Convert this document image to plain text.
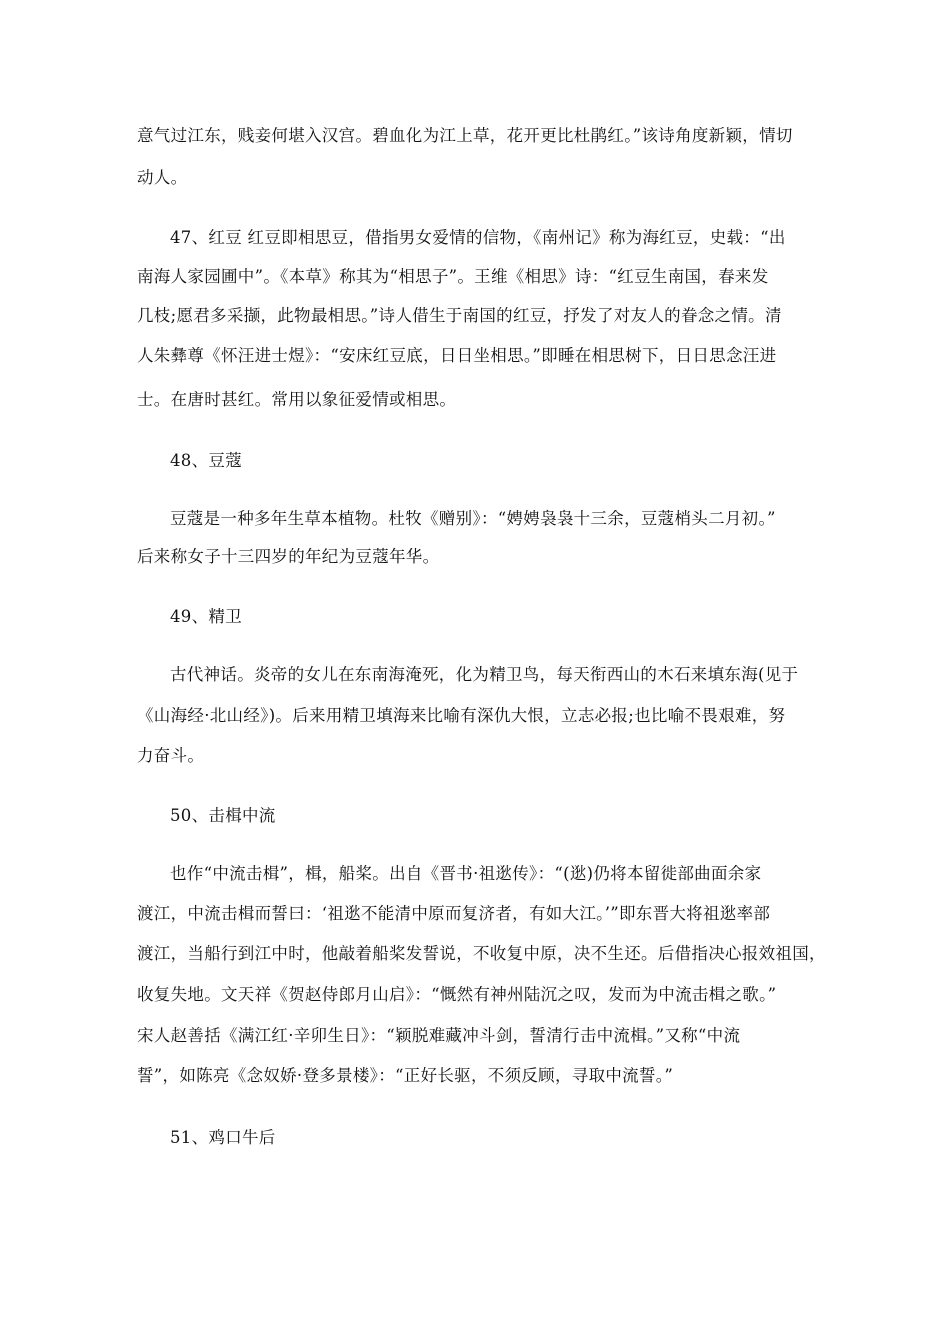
意气过江东，贱妾何堪入汉宫。碧血化为江上草，花开更比杜鹃红。”该诗角度新颖，情切
动人。
47、红豆 红豆即相思豆，借指男女爱情的信物，《南州记》称为海红豆，史载：“出
南海人家园圃中”。《本草》称其为“相思子”。王维《相思》诗：“红豆生南国，春来发
几枝;愿君多采撷，此物最相思。”诗人借生于南国的红豆，抒发了对友人的眷念之情。清
人朱彝尊《怀汪进士煜》：“安床红豆底，日日坐相思。”即睡在相思树下，日日思念汪进
士。在唐时甚红。常用以象征爱情或相思。
48、豆蔻
豆蔻是一种多年生草本植物。杜牧《赠别》：“娉娉袅袅十三余，豆蔻梢头二月初。”
后来称女子十三四岁的年纪为豆蔻年华。
49、精卫
古代神话。炎帝的女儿在东南海淹死，化为精卫鸟，每天衔西山的木石来填东海(见于
《山海经·北山经》)。后来用精卫填海来比喻有深仇大恨，立志必报;也比喻不畏艰难，努
力奋斗。
50、击楫中流
也作“中流击楫”，楫，船桨。出自《晋书·祖逖传》：“(逖)仍将本留徙部曲面余家
渡江，中流击楫而誓曰：‘祖逖不能清中原而复济者，有如大江。’”即东晋大将祖逖率部
渡江，当船行到江中时，他敲着船桨发誓说，不收复中原，决不生还。后借指决心报效祖国，
收复失地。文天祥《贺赵侍郎月山启》：“慨然有神州陆沉之叹，发而为中流击楫之歌。”
宋人赵善括《满江红·辛卯生日》：“颖脱难藏冲斗剑，誓清行击中流楫。”又称“中流
誓”，如陈亮《念奴娇·登多景楼》：“正好长驱，不须反顾，寻取中流誓。”
51、鸡口牛后
